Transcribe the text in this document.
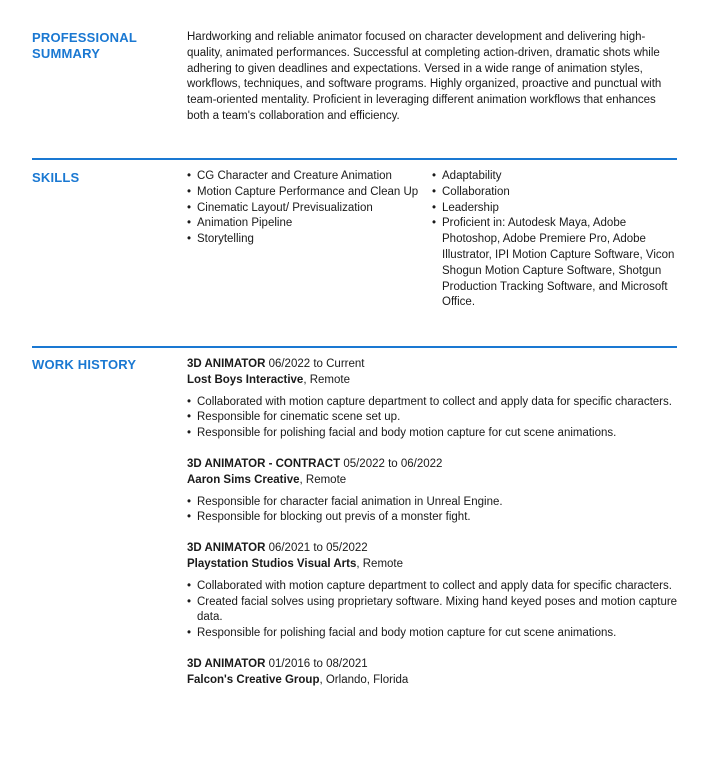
PROFESSIONAL SUMMARY
Hardworking and reliable animator focused on character development and delivering high-quality, animated performances. Successful at completing action-driven, dramatic shots while adhering to given deadlines and expectations. Versed in a wide range of animation styles, workflows, techniques, and software programs. Highly organized, proactive and punctual with team-oriented mentality. Proficient in leveraging different animation workflows that enhances both a team's collaboration and efficiency.
SKILLS	• CG Character and Creature Animation
• Motion Capture Performance and Clean Up
• Cinematic Layout/ Previsualization
• Animation Pipeline
• Storytelling
• Adaptability
• Collaboration
• Leadership
• Proficient in: Autodesk Maya, Adobe Photoshop, Adobe Premiere Pro, Adobe Illustrator, IPI Motion Capture Software, Vicon Shogun Motion Capture Software, Shotgun Production Tracking Software, and Microsoft Office.
WORK HISTORY	3D ANIMATOR 06/2022 to Current
Lost Boys Interactive, Remote
• Collaborated with motion capture department to collect and apply data for specific characters.
• Responsible for cinematic scene set up.
• Responsible for polishing facial and body motion capture for cut scene animations.
3D ANIMATOR - CONTRACT 05/2022 to 06/2022
Aaron Sims Creative, Remote
• Responsible for character facial animation in Unreal Engine.
• Responsible for blocking out previs of a monster fight.
3D ANIMATOR 06/2021 to 05/2022
Playstation Studios Visual Arts, Remote
• Collaborated with motion capture department to collect and apply data for specific characters.
• Created facial solves using proprietary software. Mixing hand keyed poses and motion capture data.
• Responsible for polishing facial and body motion capture for cut scene animations.
3D ANIMATOR 01/2016 to 08/2021
Falcon's Creative Group, Orlando, Florida
